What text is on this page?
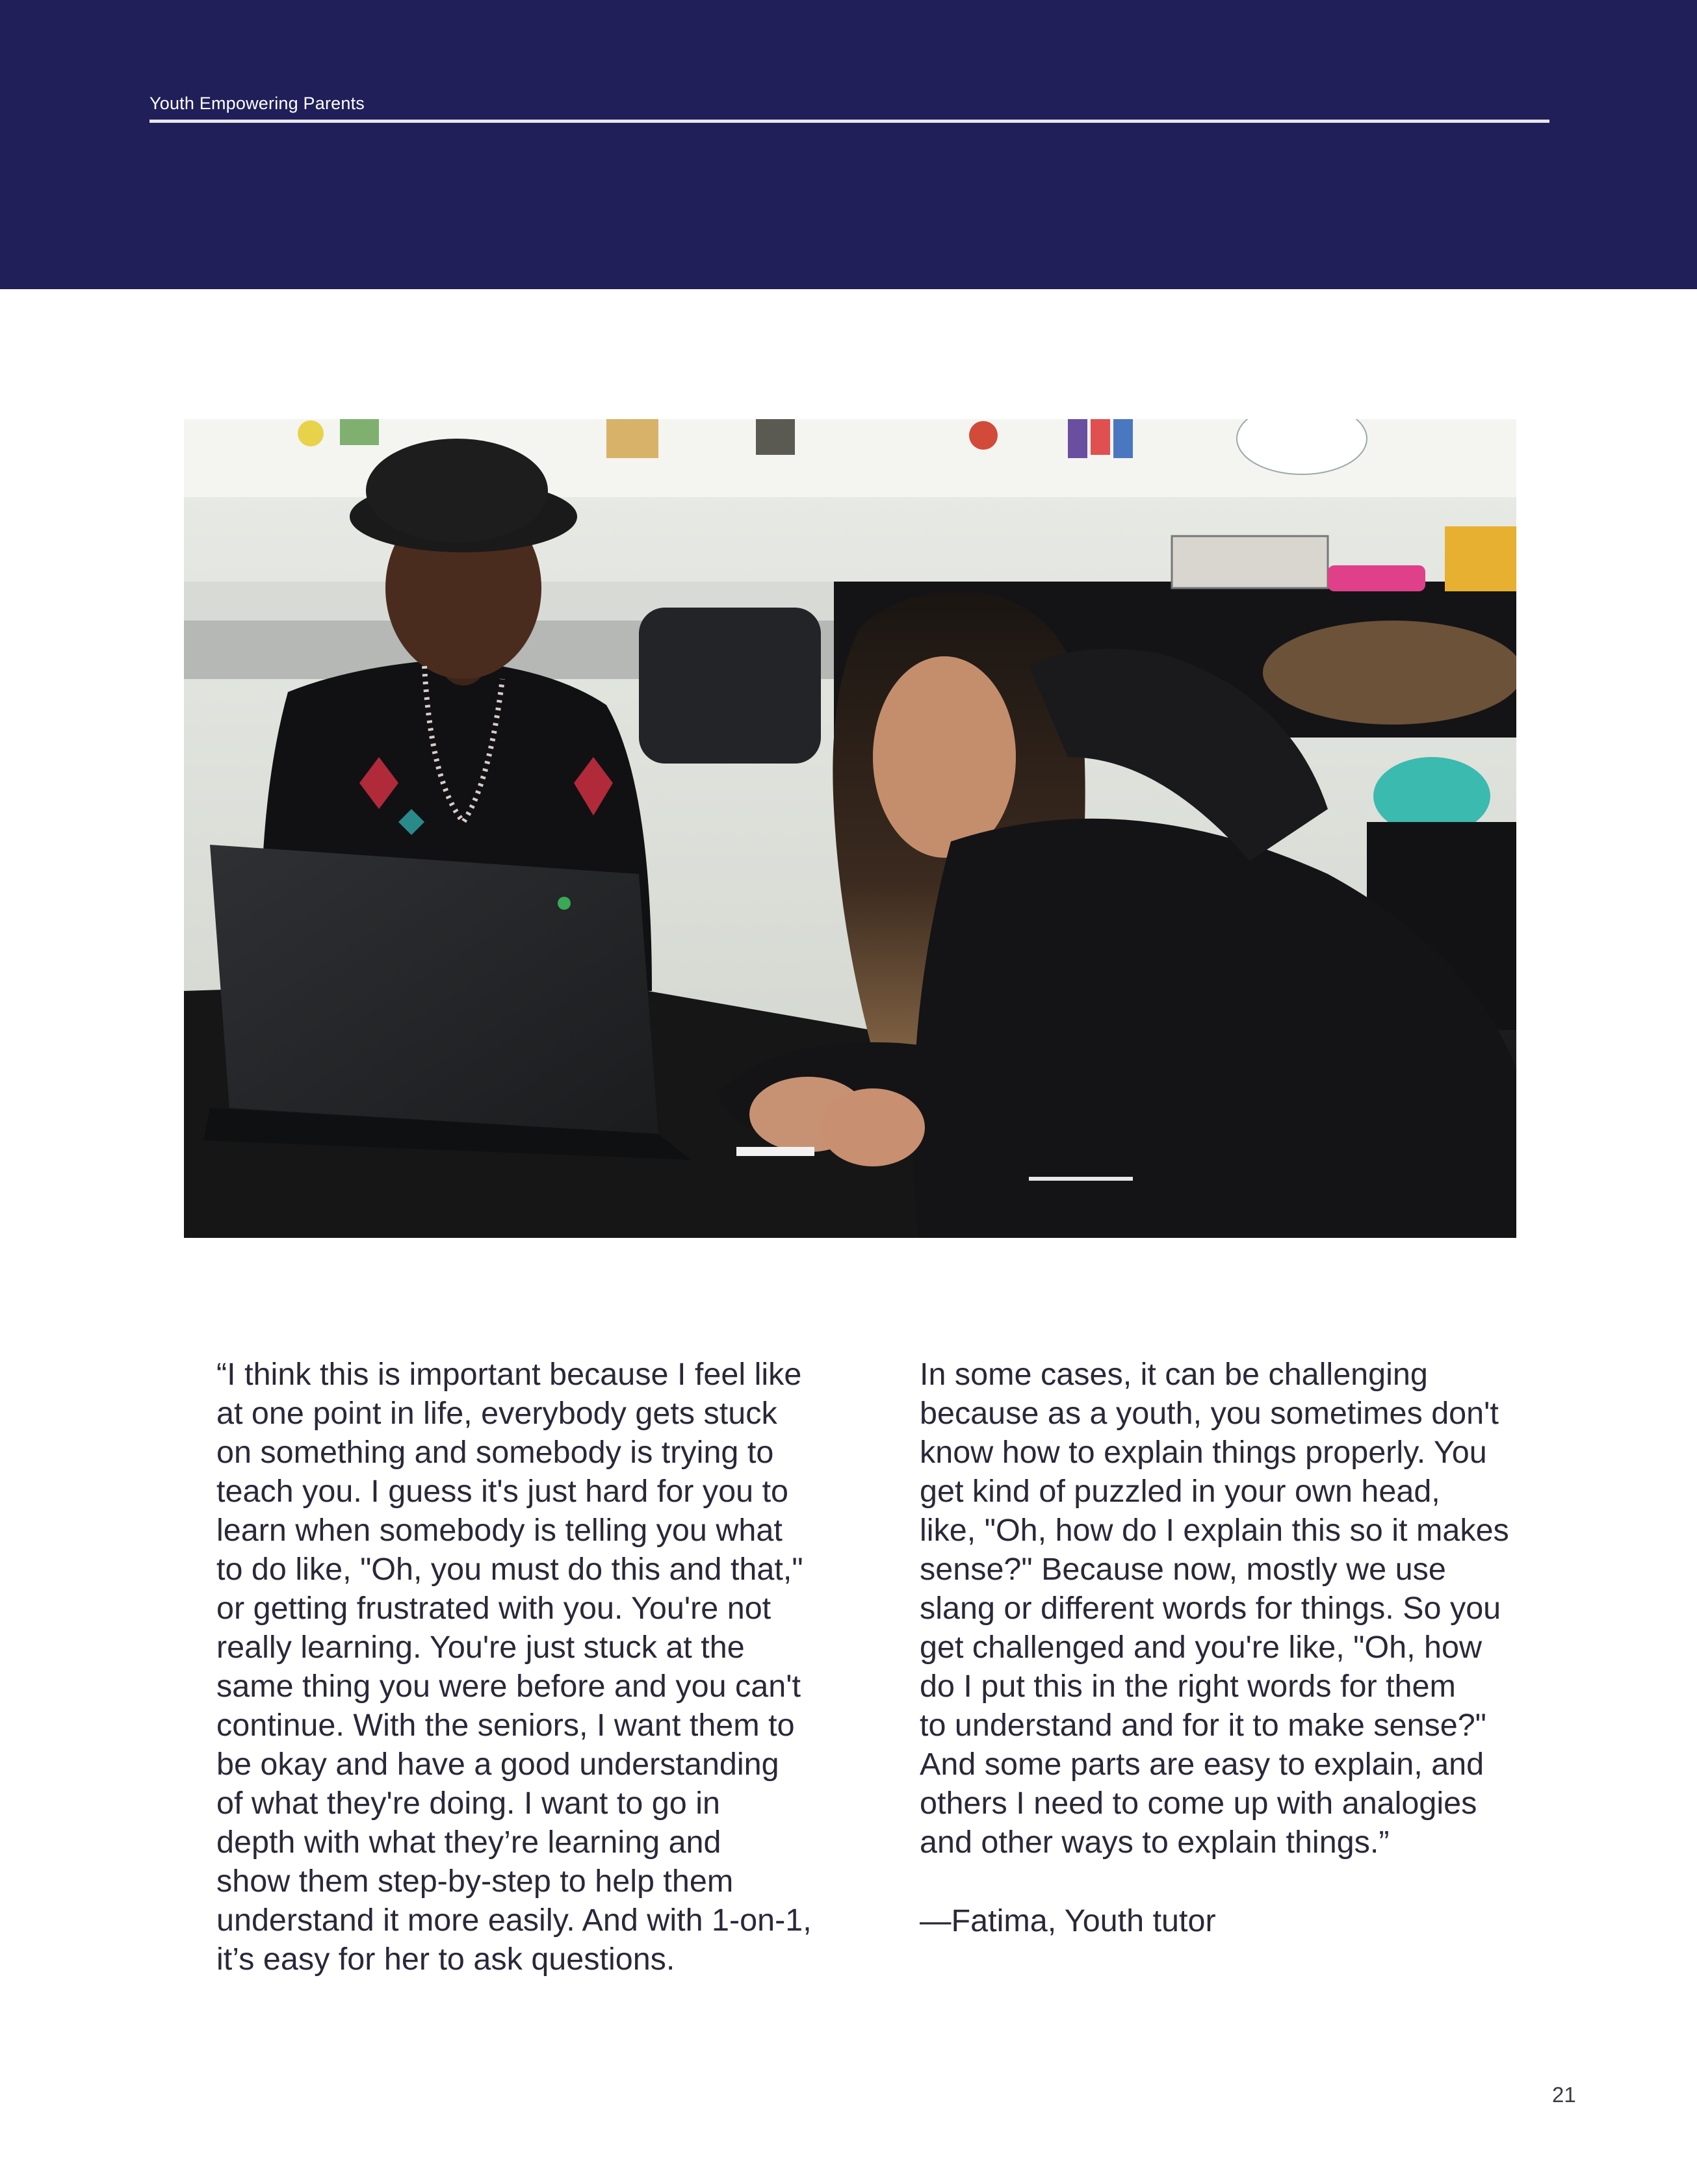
Youth Empowering Parents
“I think this is important because I feel like
at one point in life, everybody gets stuck
on something and somebody is trying to
teach you. I guess it's just hard for you to
learn when somebody is telling you what
to do like, "Oh, you must do this and that,"
or getting frustrated with you. You're not
really learning. You're just stuck at the
same thing you were before and you can't
continue. With the seniors, I want them to
be okay and have a good understanding
of what they're doing. I want to go in
depth with what they’re learning and
show them step-by-step to help them
understand it more easily. And with 1-on-1,
it’s easy for her to ask questions.
In some cases, it can be challenging
because as a youth, you sometimes don't
know how to explain things properly. You
get kind of puzzled in your own head,
like, "Oh, how do I explain this so it makes
sense?" Because now, mostly we use
slang or different words for things. So you
get challenged and you're like, "Oh, how
do I put this in the right words for them
to understand and for it to make sense?"
And some parts are easy to explain, and
others I need to come up with analogies
and other ways to explain things.”
—Fatima, Youth tutor
21
